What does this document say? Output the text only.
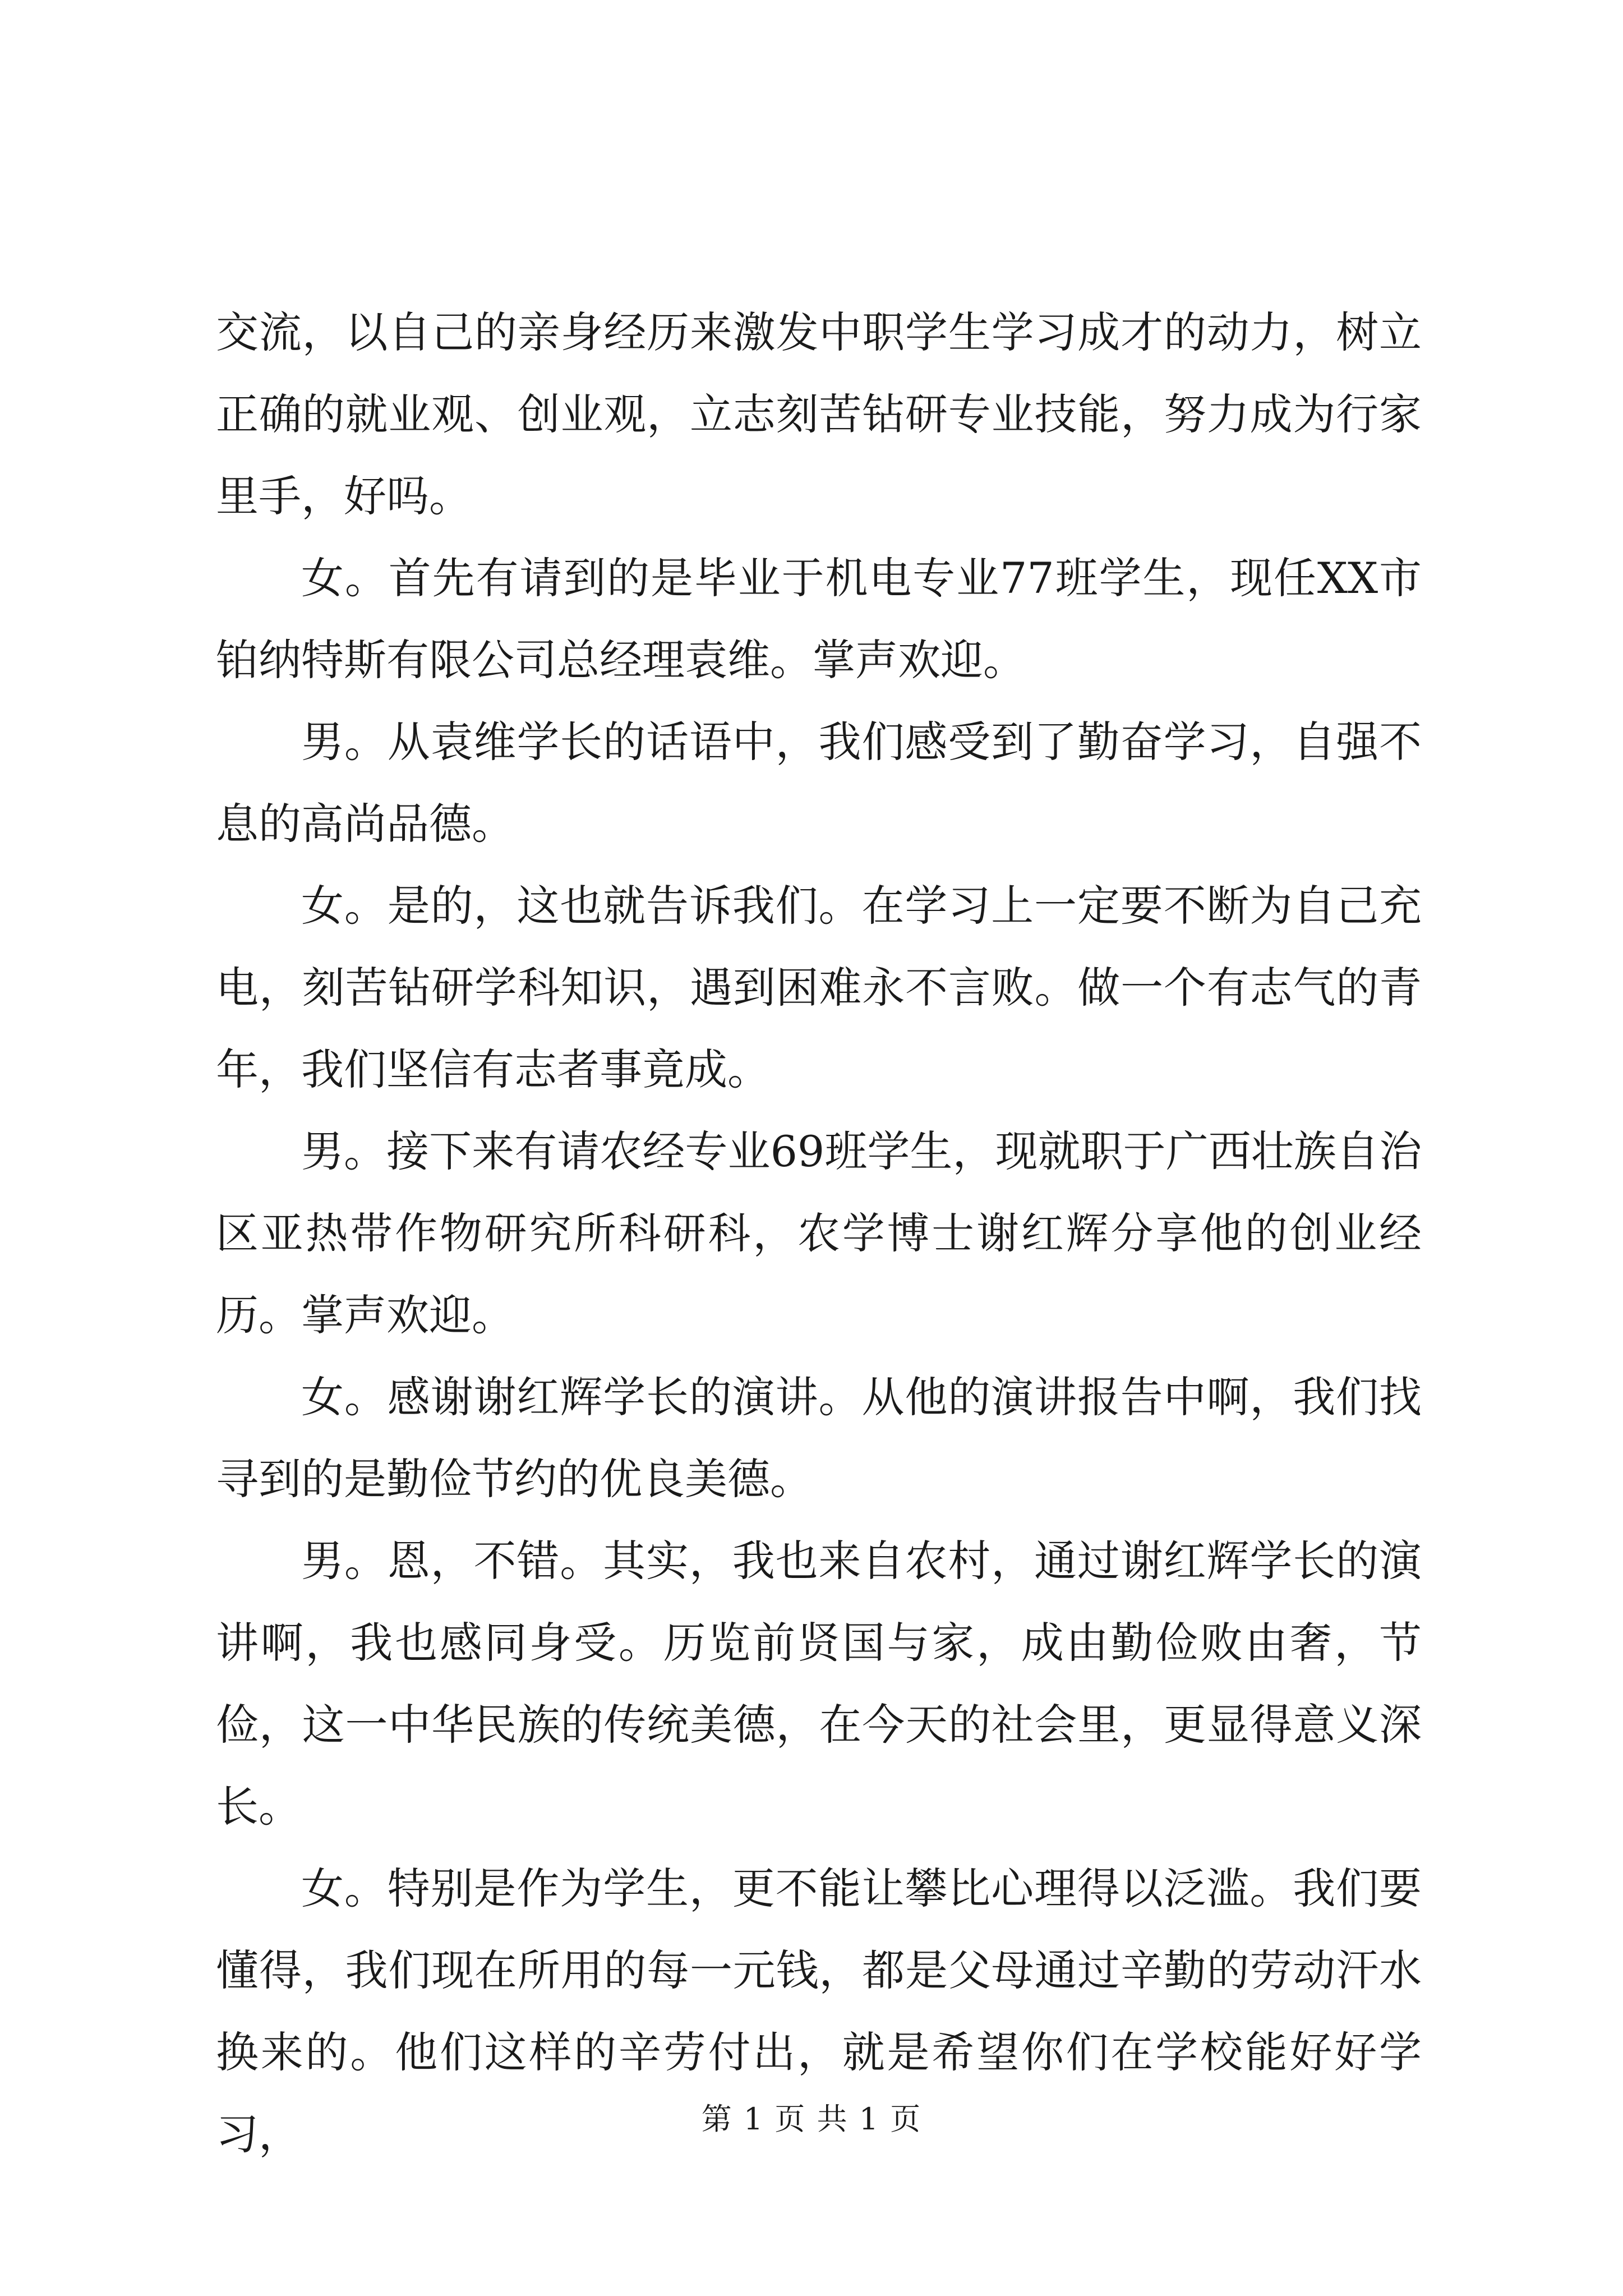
交流，以自己的亲身经历来激发中职学生学习成才的动力，树立正确的就业观、创业观，立志刻苦钻研专业技能，努力成为行家里手，好吗。

女。首先有请到的是毕业于机电专业77班学生，现任XX市铂纳特斯有限公司总经理袁维。掌声欢迎。

男。从袁维学长的话语中，我们感受到了勤奋学习，自强不息的高尚品德。

女。是的，这也就告诉我们。在学习上一定要不断为自己充电，刻苦钻研学科知识，遇到困难永不言败。做一个有志气的青年，我们坚信有志者事竟成。

男。接下来有请农经专业69班学生，现就职于广西壮族自治区亚热带作物研究所科研科，农学博士谢红辉分享他的创业经历。掌声欢迎。

女。感谢谢红辉学长的演讲。从他的演讲报告中啊，我们找寻到的是勤俭节约的优良美德。

男。恩，不错。其实，我也来自农村，通过谢红辉学长的演讲啊，我也感同身受。历览前贤国与家，成由勤俭败由奢，节俭，这一中华民族的传统美德，在今天的社会里，更显得意义深长。

女。特别是作为学生，更不能让攀比心理得以泛滥。我们要懂得，我们现在所用的每一元钱，都是父母通过辛勤的劳动汗水换来的。他们这样的辛劳付出，就是希望你们在学校能好好学习，	第 1 页 共 1 页
